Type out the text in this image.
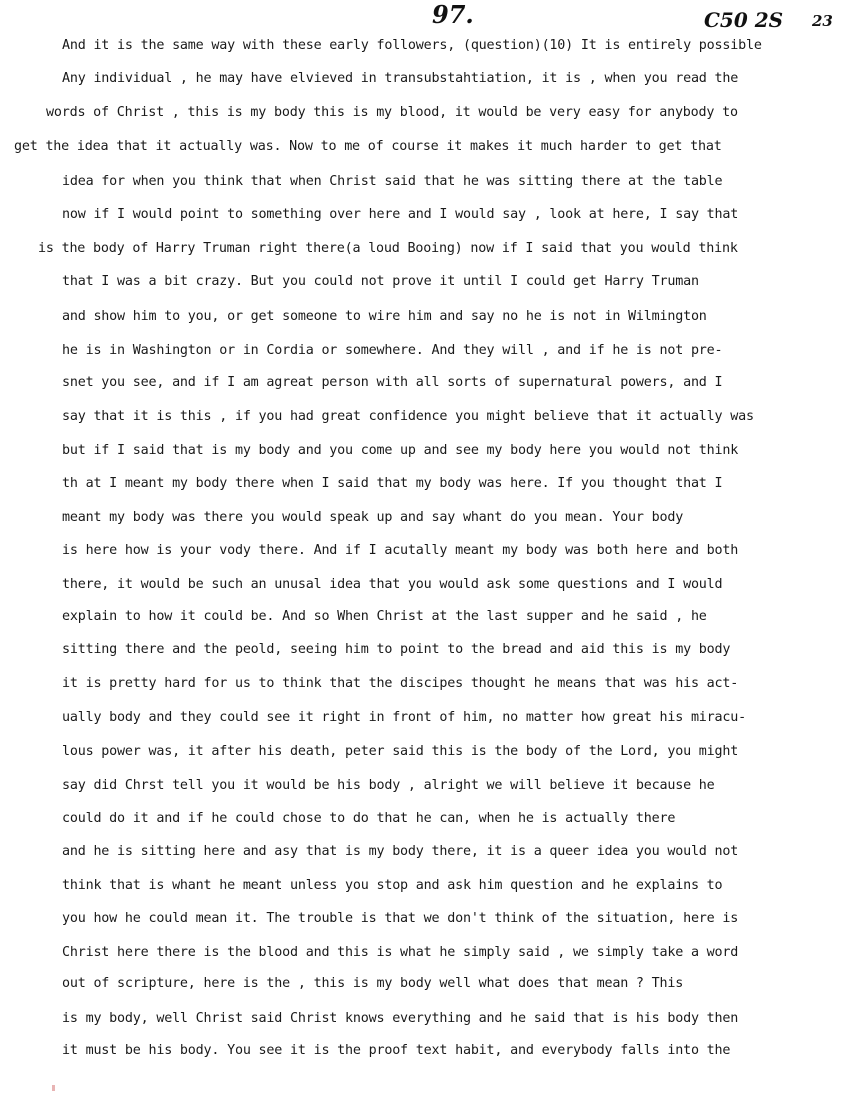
97.	C50 2S 23
And it is the same way with these early followers, (question)(10) It is entirely possible
Any individual , he may have elvieved in transubstahtiation, it is , when you read the
words of Christ , this is my body this is my blood, it would be very easy for anybody to
get the idea that it actually was. Now to me of course it makes it much harder to get that
idea for when you think that when Christ said that he was sitting there at the table
now if I would point to something over here and I would say , look at here, I say that
is the body of Harry Truman right there(a loud Booing) now if I said that you would think
that I was a bit crazy. But you could not prove it until I could get Harry Truman
and show him to you, or get someone to wire him and say no he is not in Wilmington
he is in Washington or in Cordia or somewhere. And they will , and if he is not pre-
snet you see, and if I am agreat person with all sorts of supernatural powers, and I
say that it is this , if you had great confidence you might believe that it actually was
but if I said that is my body and you come up and see my body here you would not think
th at I meant my body there when I said that my body was here. If you thought that I
meant my body was there you would speak up and say whant do you mean. Your body
is here how is your vody there. And if I acutally meant my body was both here and both
there, it would be such an unusal idea that you would ask some questions and I would
explain to how it could be. And so When Christ at the last supper and he said , he
sitting there and the peold, seeing him to point to the bread and aid this is my body
it is pretty hard for us to think that the discipes thought he means that was his act-
ually body and they could see it right in front of him, no matter how great his miracu-
lous power was, it after his death, peter said this is the body of the Lord, you might
say did Chrst tell you it would be his body , alright we will believe it because he
could do it and if he could chose to do that he can, when he is actually there
and he is sitting here and asy that is my body there, it is a queer idea you would not
think that is whant he meant unless you stop and ask him question and he explains to
you how he could mean it. The trouble is that we don't think of the situation, here is
Christ here there is the blood and this is what he simply said , we simply take a word
out of scripture, here is the , this is my body well what does that mean ? This
is my body, well Christ said Christ knows everything and he said that is his body then
it must be his body. You see it is the proof text habit, and everybody falls into the
